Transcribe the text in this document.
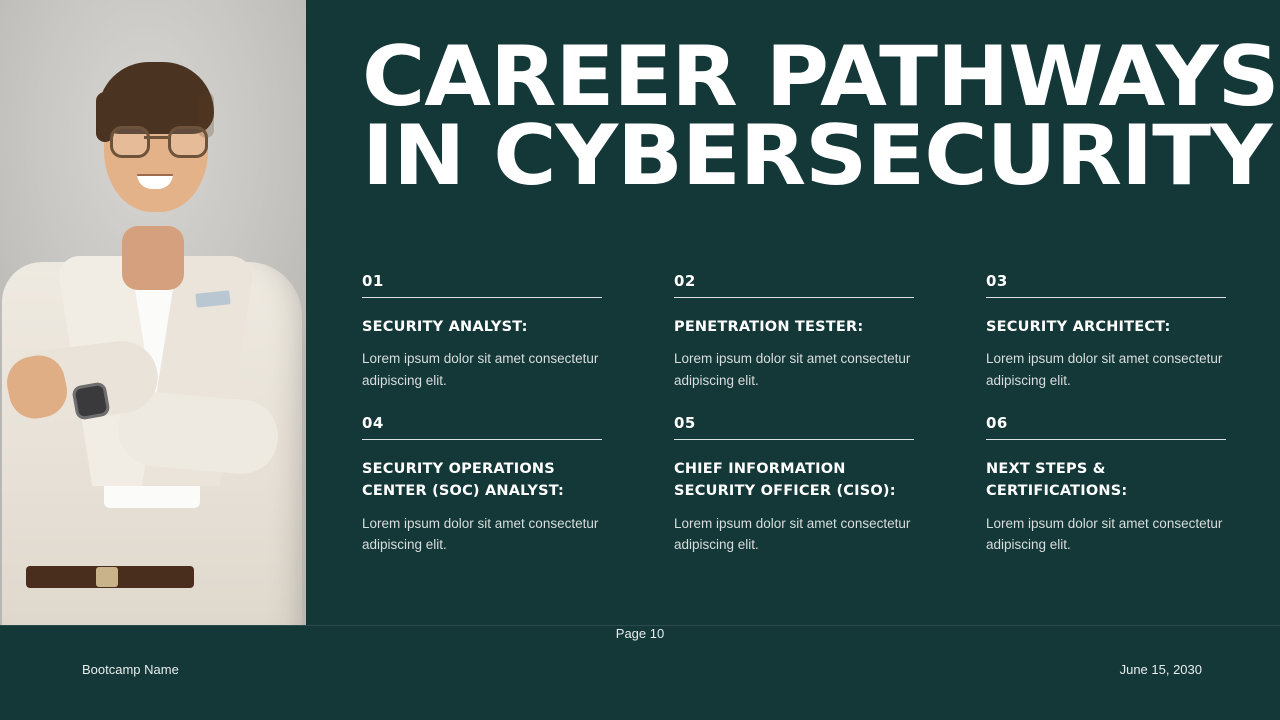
CAREER PATHWAYS
IN CYBERSECURITY
01
SECURITY ANALYST:
Lorem ipsum dolor sit amet consectetur adipiscing elit.
02
PENETRATION TESTER:
Lorem ipsum dolor sit amet consectetur adipiscing elit.
03
SECURITY ARCHITECT:
Lorem ipsum dolor sit amet consectetur adipiscing elit.
04
SECURITY OPERATIONS CENTER (SOC) ANALYST:
Lorem ipsum dolor sit amet consectetur adipiscing elit.
05
CHIEF INFORMATION SECURITY OFFICER (CISO):
Lorem ipsum dolor sit amet consectetur adipiscing elit.
06
NEXT STEPS & CERTIFICATIONS:
Lorem ipsum dolor sit amet consectetur adipiscing elit.
Page 10
Bootcamp Name	June 15, 2030
